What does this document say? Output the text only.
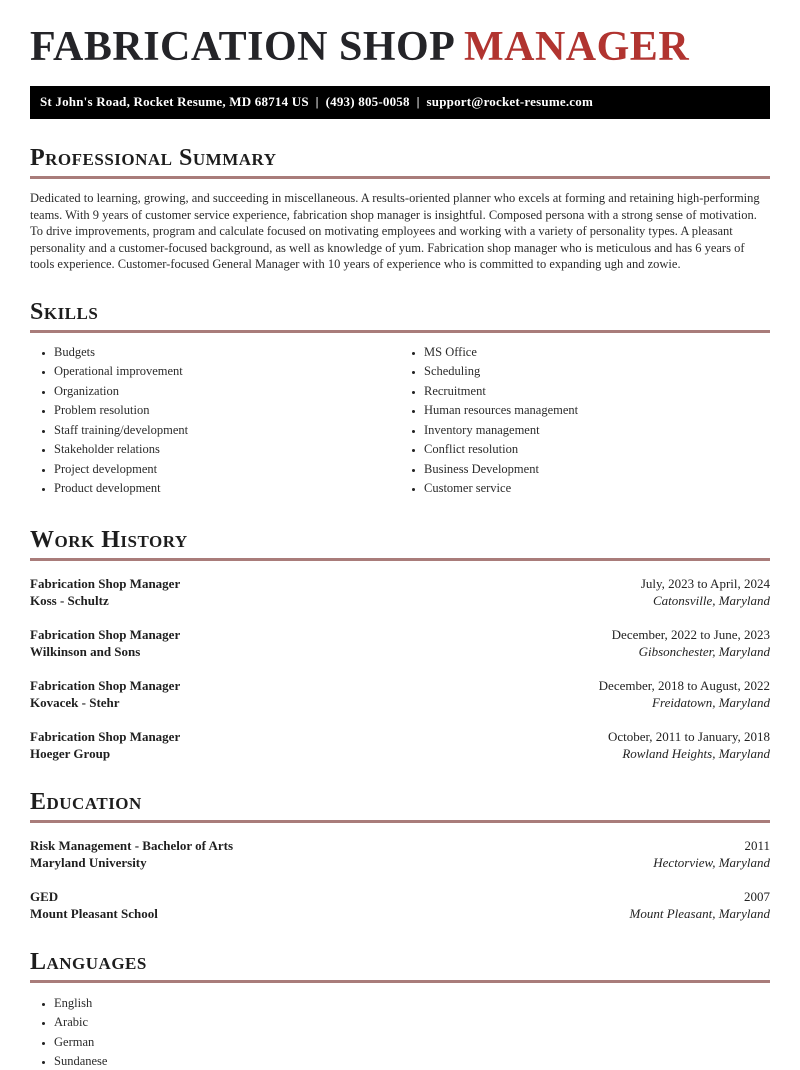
FABRICATION SHOP MANAGER
St John's Road, Rocket Resume, MD 68714 US  |  (493) 805-0058  |  support@rocket-resume.com
Professional Summary

Dedicated to learning, growing, and succeeding in miscellaneous. A results-oriented planner who excels at forming and retaining high-performing teams. With 9 years of customer service experience, fabrication shop manager is insightful. Composed persona with a strong sense of motivation. To drive improvements, program and calculate focused on motivating employees and working with a variety of personality types. A pleasant personality and a customer-focused background, as well as knowledge of yum. Fabrication shop manager who is meticulous and has 6 years of tools experience. Customer-focused General Manager with 10 years of experience who is committed to expanding ugh and zowie.

Skills
• Budgets
• Operational improvement
• Organization
• Problem resolution
• Staff training/development
• Stakeholder relations
• Project development
• Product development
• MS Office
• Scheduling
• Recruitment
• Human resources management
• Inventory management
• Conflict resolution
• Business Development
• Customer service
Work History
Fabrication Shop Manager
Koss - Schultz
July, 2023 to April, 2024
Catonsville, Maryland
Fabrication Shop Manager
Wilkinson and Sons
December, 2022 to June, 2023
Gibsonchester, Maryland
Fabrication Shop Manager
Kovacek - Stehr
December, 2018 to August, 2022
Freidatown, Maryland
Fabrication Shop Manager
Hoeger Group
October, 2011 to January, 2018
Rowland Heights, Maryland
Education
Risk Management - Bachelor of Arts
Maryland University
2011
Hectorview, Maryland
GED
Mount Pleasant School
2007
Mount Pleasant, Maryland
Languages
• English
• Arabic
• German
• Sundanese
